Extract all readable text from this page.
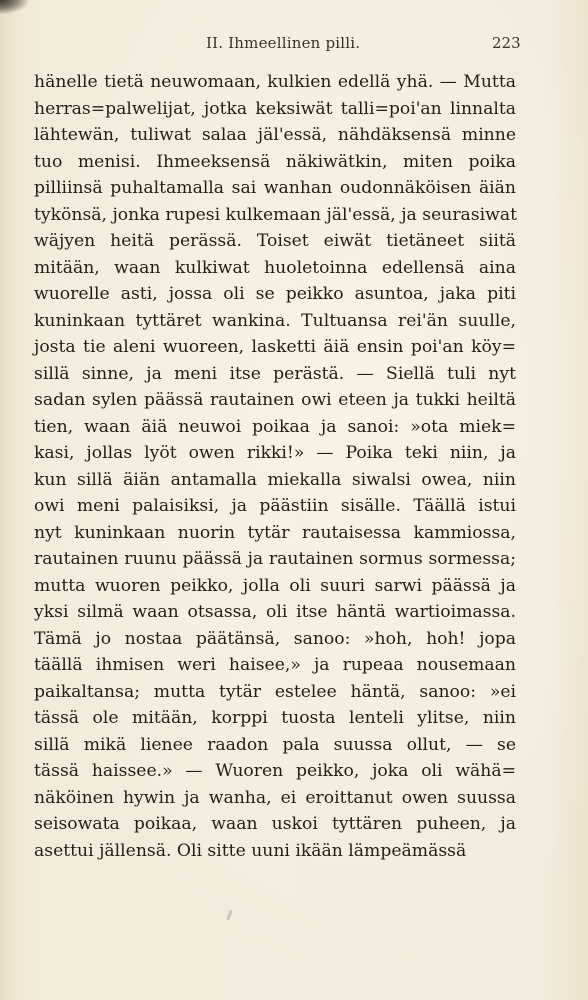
II. Ihmeellinen pilli.	223
hänelle tietä neuwomaan, kulkien edellä yhä. — Mutta
herras=palwelijat, jotka keksiwät talli=poi'an linnalta
lähtewän, tuliwat salaa jäl'essä, nähdäksensä minne
tuo menisi. Ihmeeksensä näkiwätkin, miten poika
pilliinsä puhaltamalla sai wanhan oudonnäköisen äiän
tykönsä, jonka rupesi kulkemaan jäl'essä, ja seurasiwat
wäjyen heitä perässä. Toiset eiwät tietäneet siitä
mitään, waan kulkiwat huoletoinna edellensä aina
wuorelle asti, jossa oli se peikko asuntoa, jaka piti
kuninkaan tyttäret wankina. Tultuansa rei'än suulle,
josta tie aleni wuoreen, lasketti äiä ensin poi'an köy=
sillä sinne, ja meni itse perästä. — Siellä tuli nyt
sadan sylen päässä rautainen owi eteen ja tukki heiltä
tien, waan äiä neuwoi poikaa ja sanoi: »ota miek=
kasi, jollas lyöt owen rikki!» — Poika teki niin, ja
kun sillä äiän antamalla miekalla siwalsi owea, niin
owi meni palaisiksi, ja päästiin sisälle. Täällä istui
nyt kuninkaan nuorin tytär rautaisessa kammiossa,
rautainen ruunu päässä ja rautainen sormus sormessa;
mutta wuoren peikko, jolla oli suuri sarwi päässä ja
yksi silmä waan otsassa, oli itse häntä wartioimassa.
Tämä jo nostaa päätänsä, sanoo: »hoh, hoh! jopa
täällä ihmisen weri haisee,» ja rupeaa nousemaan
paikaltansa; mutta tytär estelee häntä, sanoo: »ei
tässä ole mitään, korppi tuosta lenteli ylitse, niin
sillä mikä lienee raadon pala suussa ollut, — se
tässä haissee.» — Wuoren peikko, joka oli wähä=
näköinen hywin ja wanha, ei eroittanut owen suussa
seisowata poikaa, waan uskoi tyttären puheen, ja
asettui jällensä. Oli sitte uuni ikään lämpeämässä
